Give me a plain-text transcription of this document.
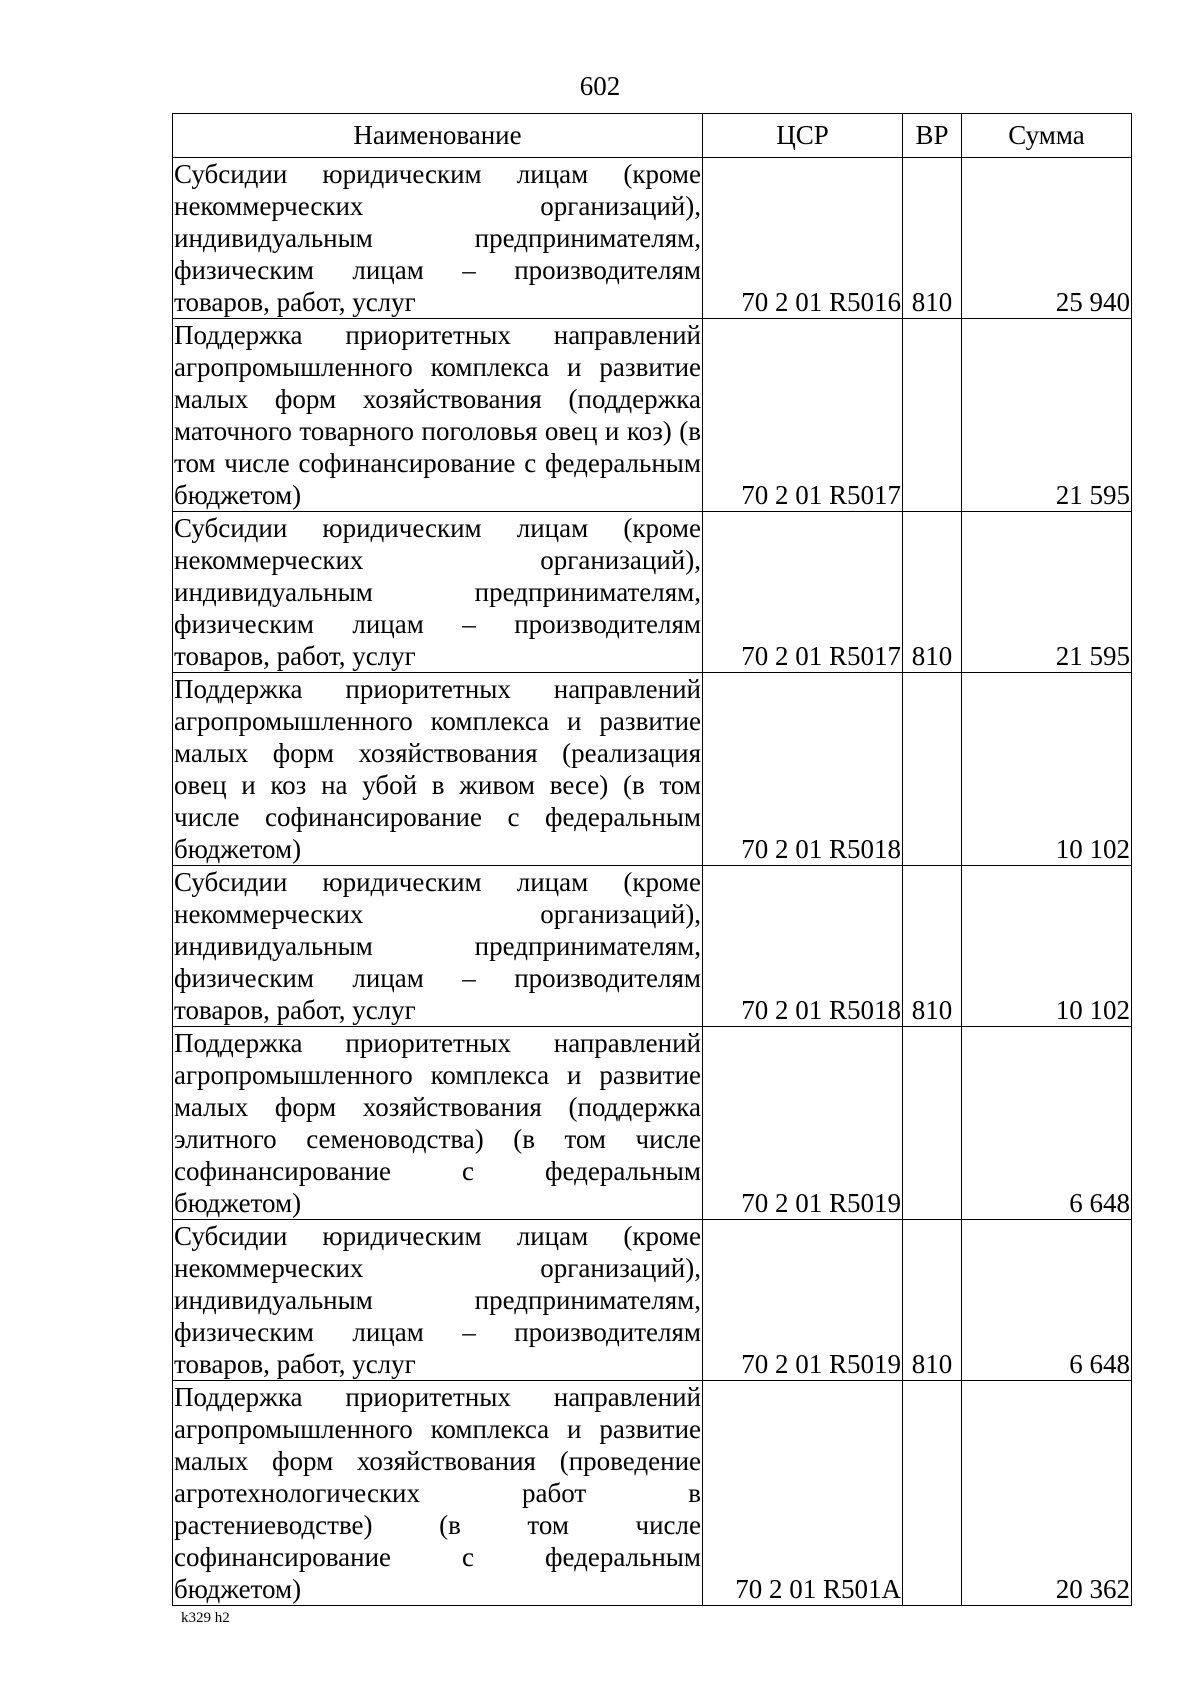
602
Наименование	ЦСР	ВР	Сумма
Субсидии юридическим лицам (кроме некоммерческих организаций), индивидуальным предпринимателям, физическим лицам – производителям товаров, работ, услуг	70 2 01 R5016	810	25 940
Поддержка приоритетных направлений агропромышленного комплекса и развитие малых форм хозяйствования (поддержка маточного товарного поголовья овец и коз) (в том числе софинансирование с федеральным бюджетом)	70 2 01 R5017		21 595
Субсидии юридическим лицам (кроме некоммерческих организаций), индивидуальным предпринимателям, физическим лицам – производителям товаров, работ, услуг	70 2 01 R5017	810	21 595
Поддержка приоритетных направлений агропромышленного комплекса и развитие малых форм хозяйствования (реализация овец и коз на убой в живом весе) (в том числе софинансирование с федеральным бюджетом)	70 2 01 R5018		10 102
Субсидии юридическим лицам (кроме некоммерческих организаций), индивидуальным предпринимателям, физическим лицам – производителям товаров, работ, услуг	70 2 01 R5018	810	10 102
Поддержка приоритетных направлений агропромышленного комплекса и развитие малых форм хозяйствования (поддержка элитного семеноводства) (в том числе софинансирование с федеральным бюджетом)	70 2 01 R5019		6 648
Субсидии юридическим лицам (кроме некоммерческих организаций), индивидуальным предпринимателям, физическим лицам – производителям товаров, работ, услуг	70 2 01 R5019	810	6 648
Поддержка приоритетных направлений агропромышленного комплекса и развитие малых форм хозяйствования (проведение агротехнологических работ в растениеводстве) (в том числе софинансирование с федеральным бюджетом)	70 2 01 R501A		20 362
k329 h2
